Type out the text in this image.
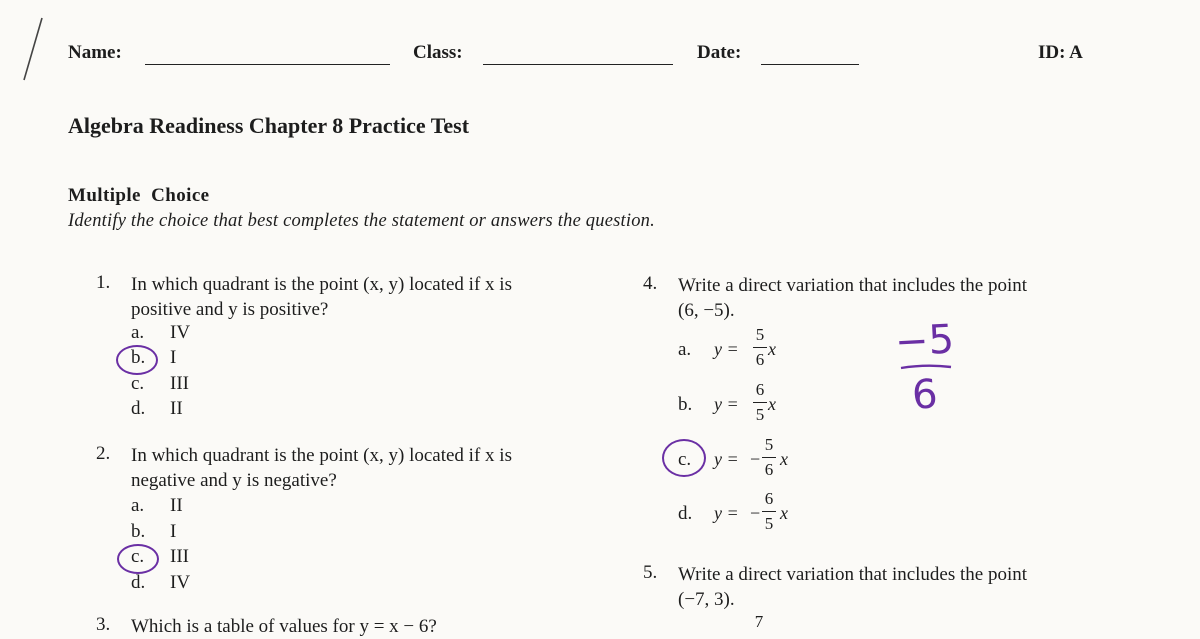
Name:	Class:	Date:	ID: A
Algebra Readiness Chapter 8 Practice Test
Multiple  Choice
Identify the choice that best completes the statement or answers the question.
1. In which quadrant is the point (x, y) located if x is
positive and y is positive?
a. IV
b. I
c. III
d. II
2. In which quadrant is the point (x, y) located if x is
negative and y is negative?
a. II
b. I
c. III
d. IV
3. Which is a table of values for y = x − 6?
4. Write a direct variation that includes the point
(6, −5).
a. y =
5
6
x
b. y =
6
5
x
c. y = −
5
6
x
d. y = −
6
5
x
−5
6
5. Write a direct variation that includes the point
(−7, 3).
7
